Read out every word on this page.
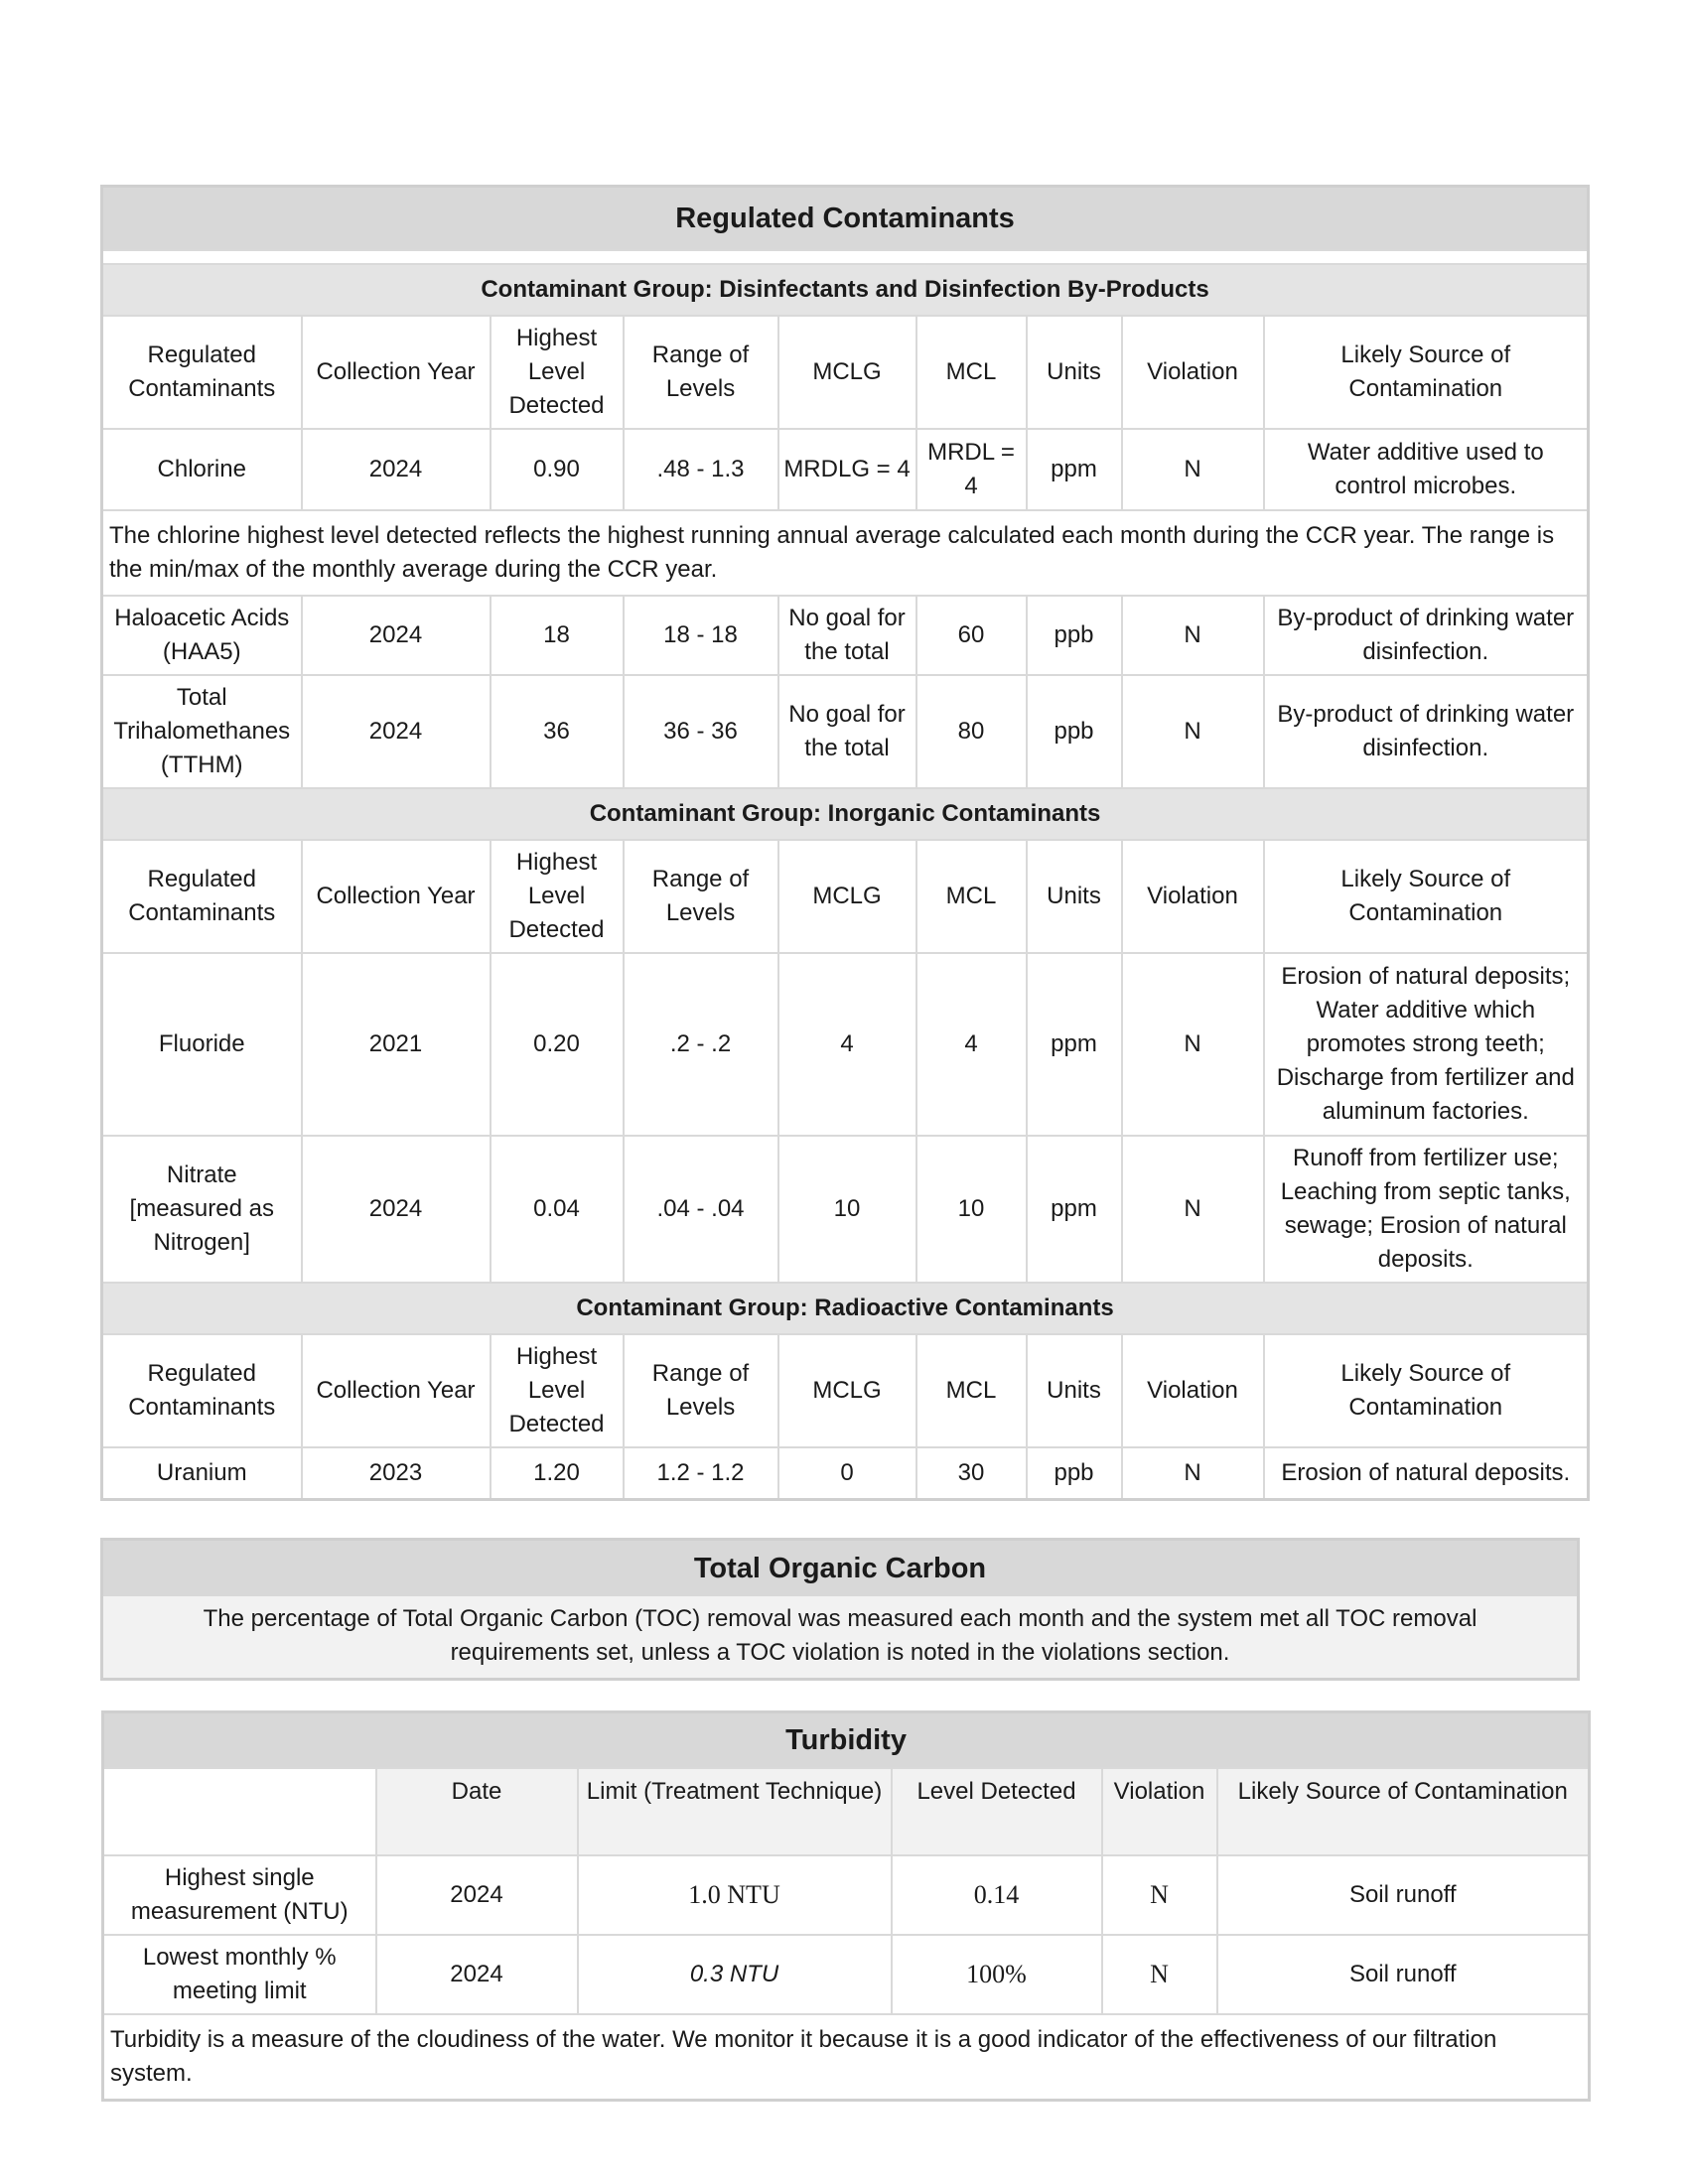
Regulated Contaminants								

Contaminant Group: Disinfectants and Disinfection By-Products								
Regulated Contaminants	Collection Year	Highest Level Detected	Range of Levels	MCLG	MCL	Units	Violation	Likely Source of Contamination
Chlorine	2024	0.90	.48 - 1.3	MRDLG = 4	MRDL = 4	ppm	N	Water additive used to control microbes.
The chlorine highest level detected reflects the highest running annual average calculated each month during the CCR year. The range is the min/max of the monthly average during the CCR year.								
Haloacetic Acids (HAA5)	2024	18	18 - 18	No goal for the total	60	ppb	N	By-product of drinking water disinfection.
Total Trihalomethanes (TTHM)	2024	36	36 - 36	No goal for the total	80	ppb	N	By-product of drinking water disinfection.
Contaminant Group: Inorganic Contaminants								
Regulated Contaminants	Collection Year	Highest Level Detected	Range of Levels	MCLG	MCL	Units	Violation	Likely Source of Contamination
Fluoride	2021	0.20	.2 - .2	4	4	ppm	N	Erosion of natural deposits; Water additive which promotes strong teeth; Discharge from fertilizer and aluminum factories.
Nitrate [measured as Nitrogen]	2024	0.04	.04 - .04	10	10	ppm	N	Runoff from fertilizer use; Leaching from septic tanks, sewage; Erosion of natural deposits.
Contaminant Group: Radioactive Contaminants								
Regulated Contaminants	Collection Year	Highest Level Detected	Range of Levels	MCLG	MCL	Units	Violation	Likely Source of Contamination
Uranium	2023	1.20	1.2 - 1.2	0	30	ppb	N	Erosion of natural deposits.
Total Organic Carbon
The percentage of Total Organic Carbon (TOC) removal was measured each month and the system met all TOC removal requirements set, unless a TOC violation is noted in the violations section.
Turbidity					
	Date	Limit (Treatment Technique)	Level Detected	Violation	Likely Source of Contamination
Highest single measurement (NTU)	2024	1.0 NTU	0.14	N	Soil runoff
Lowest monthly % meeting limit	2024	0.3 NTU	100%	N	Soil runoff
Turbidity is a measure of the cloudiness of the water. We monitor it because it is a good indicator of the effectiveness of our filtration system.					
